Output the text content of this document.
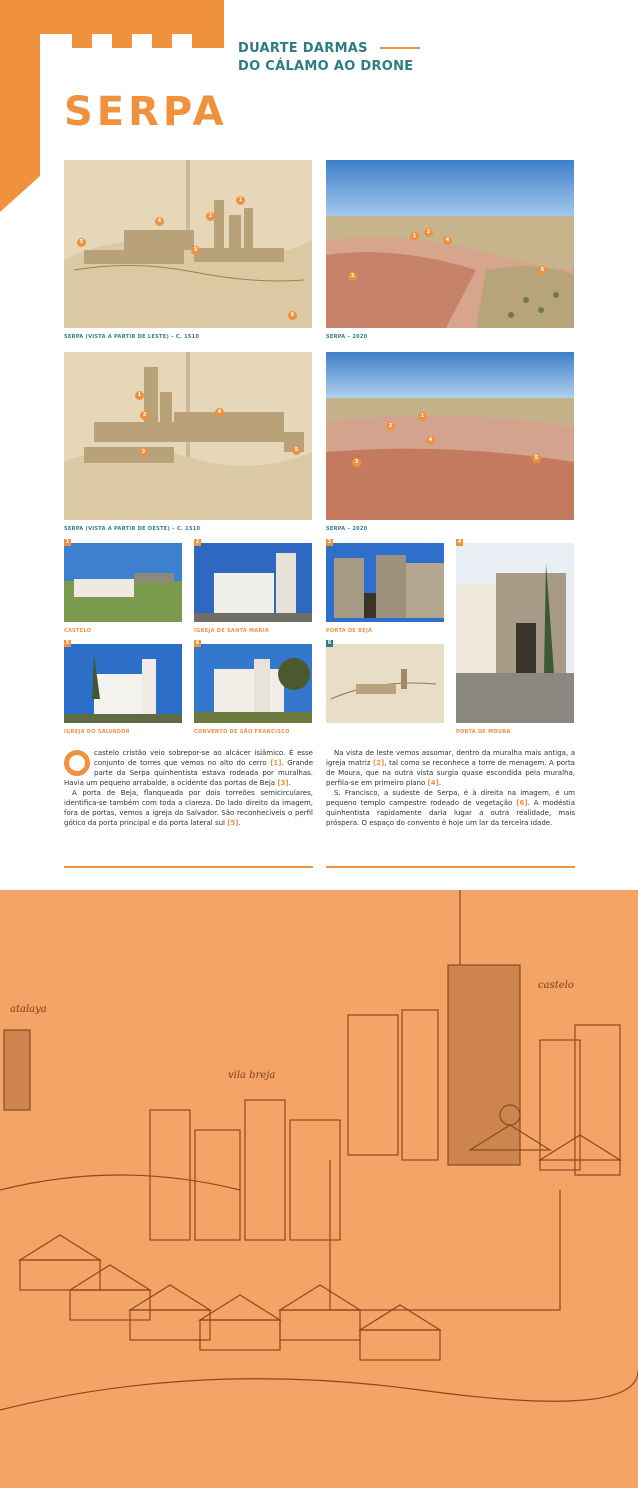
SERPA
DUARTE DARMAS
DO CÁLAMO AO DRONE
1
2
3
4
5
6
SERPA (VISTA A PARTIR DE LESTE) – C. 1510
1
2
3
4
6
SERPA – 2020
1
2
3
4
5
SERPA (VISTA A PARTIR DE OESTE) – C. 1510
1
2
3
4
5
SERPA – 2020
1
CASTELO
2
IGREJA DE SANTA MARIA
3
PORTA DE BEJA
4
PORTA DE MOURA
5
IGREJA DO SALVADOR
6
CONVENTO DE SÃO FRANCISCO
6

castelo cristão veio sobrepor-se ao alcácer islâmico. É esse conjunto de torres que vemos no alto do cerro [1]. Grande parte da Serpa quinhentista estava rodeada por muralhas. Havia um pequeno arrabalde, a ocidente das portas de Beja [3].

A porta de Beja, flanqueada por dois torreões semicirculares, identifica-se também com toda a clareza. Do lado direito da imagem, fora de portas, vemos a igreja do Salvador. São reconhecíveis o perfil gótico da porta principal e da porta lateral sul [5].

Na vista de leste vemos assomar, dentro da muralha mais antiga, a igreja matriz [2], tal como se reconhece a torre de menagem. A porta de Moura, que na outra vista surgia quase escondida pela muralha, perfila-se em primeiro plano [4].

S. Francisco, a sudeste de Serpa, é à direita na imagem, é um pequeno templo campestre rodeado de vegetação [6]. A modéstia quinhentista rapidamente daria lugar a outra realidade, mais próspera. O espaço do convento é hoje um lar da terceira idade.

atalaya
vila breja
castelo
